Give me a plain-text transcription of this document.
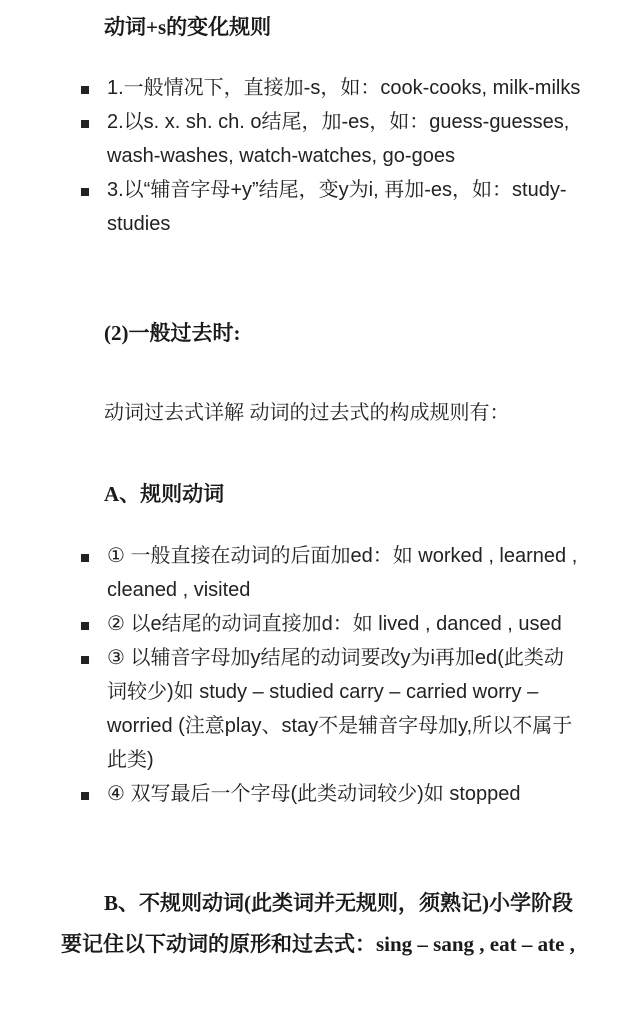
动词+s的变化规则
1.一般情况下，直接加-s，如：cook-cooks, milk-milks
2.以s. x. sh. ch. o结尾，加-es，如：guess-guesses, wash-washes, watch-watches, go-goes
3.以“辅音字母+y”结尾，变y为i, 再加-es，如：study-studies
(2)一般过去时:

动词过去式详解 动词的过去式的构成规则有：

A、规则动词
① 一般直接在动词的后面加ed：如 worked , learned , cleaned , visited
② 以e结尾的动词直接加d：如 lived , danced , used
③ 以辅音字母加y结尾的动词要改y为i再加ed(此类动词较少)如 study – studied carry – carried worry – worried (注意play、stay不是辅音字母加y,所以不属于此类)
④ 双写最后一个字母(此类动词较少)如 stopped

B、不规则动词(此类词并无规则，须熟记)小学阶段要记住以下动词的原形和过去式：sing – sang , eat – ate ,
